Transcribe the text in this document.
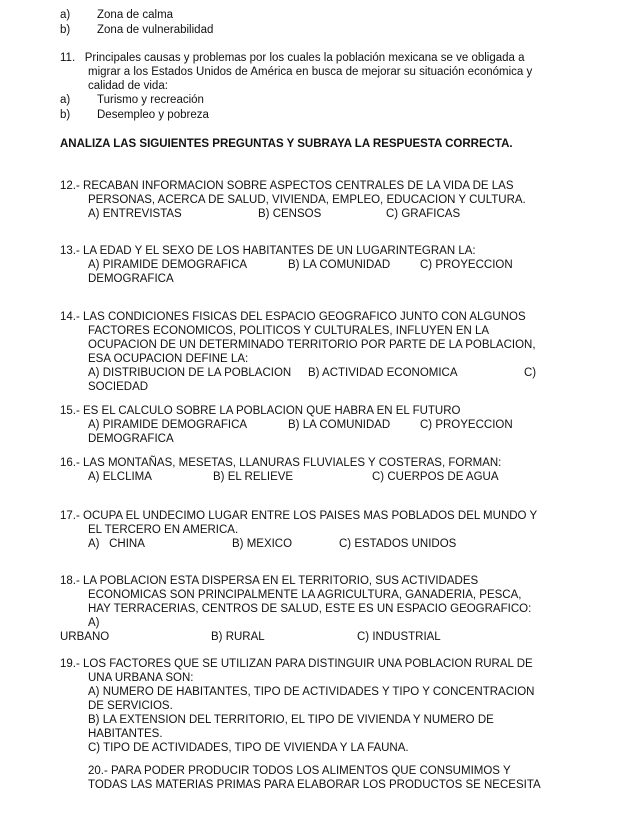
a) Zona de calma
b) Zona de vulnerabilidad
11.   Principales causas y problemas por los cuales la población mexicana se ve obligada a
migrar a los Estados Unidos de América en busca de mejorar su situación económica y
calidad de vida:
a) Turismo y recreación
b) Desempleo y pobreza
ANALIZA LAS SIGUIENTES PREGUNTAS Y SUBRAYA LA RESPUESTA CORRECTA.
12.- RECABAN INFORMACION SOBRE ASPECTOS CENTRALES DE LA VIDA DE LAS
PERSONAS, ACERCA DE SALUD, VIVIENDA, EMPLEO, EDUCACION Y CULTURA.
A) ENTREVISTAS	B) CENSOS	C) GRAFICAS
13.- LA EDAD Y EL SEXO DE LOS HABITANTES DE UN LUGARINTEGRAN LA:
A) PIRAMIDE DEMOGRAFICA	B) LA COMUNIDAD	C) PROYECCION
DEMOGRAFICA
14.- LAS CONDICIONES FISICAS DEL ESPACIO GEOGRAFICO JUNTO CON ALGUNOS
FACTORES ECONOMICOS, POLITICOS Y CULTURALES, INFLUYEN EN LA
OCUPACION DE UN DETERMINADO TERRITORIO POR PARTE DE LA POBLACION,
ESA OCUPACION DEFINE LA:
A) DISTRIBUCION DE LA POBLACION B) ACTIVIDAD ECONOMICA	C)
SOCIEDAD
15.- ES EL CALCULO SOBRE LA POBLACION QUE HABRA EN EL FUTURO
A) PIRAMIDE DEMOGRAFICA	B) LA COMUNIDAD	C) PROYECCION
DEMOGRAFICA
16.- LAS MONTAÑAS, MESETAS, LLANURAS FLUVIALES Y COSTERAS, FORMAN:
A) ELCLIMA	B) EL RELIEVE	C) CUERPOS DE AGUA
17.- OCUPA EL UNDECIMO LUGAR ENTRE LOS PAISES MAS POBLADOS DEL MUNDO Y
EL TERCERO EN AMERICA.
A)   CHINA	B) MEXICO	C) ESTADOS UNIDOS
18.- LA POBLACION ESTA DISPERSA EN EL TERRITORIO, SUS ACTIVIDADES
ECONOMICAS SON PRINCIPALMENTE LA AGRICULTURA, GANADERIA, PESCA,
HAY TERRACERIAS, CENTROS DE SALUD, ESTE ES UN ESPACIO GEOGRAFICO:
A)
URBANO	B) RURAL	C) INDUSTRIAL
19.- LOS FACTORES QUE SE UTILIZAN PARA DISTINGUIR UNA POBLACION RURAL DE
UNA URBANA SON:
A) NUMERO DE HABITANTES, TIPO DE ACTIVIDADES Y TIPO Y CONCENTRACION
DE SERVICIOS.
B) LA EXTENSION DEL TERRITORIO, EL TIPO DE VIVIENDA Y NUMERO DE
HABITANTES.
C) TIPO DE ACTIVIDADES, TIPO DE VIVIENDA Y LA FAUNA.
20.- PARA PODER PRODUCIR TODOS LOS ALIMENTOS QUE CONSUMIMOS Y
TODAS LAS MATERIAS PRIMAS PARA ELABORAR LOS PRODUCTOS SE NECESITA
